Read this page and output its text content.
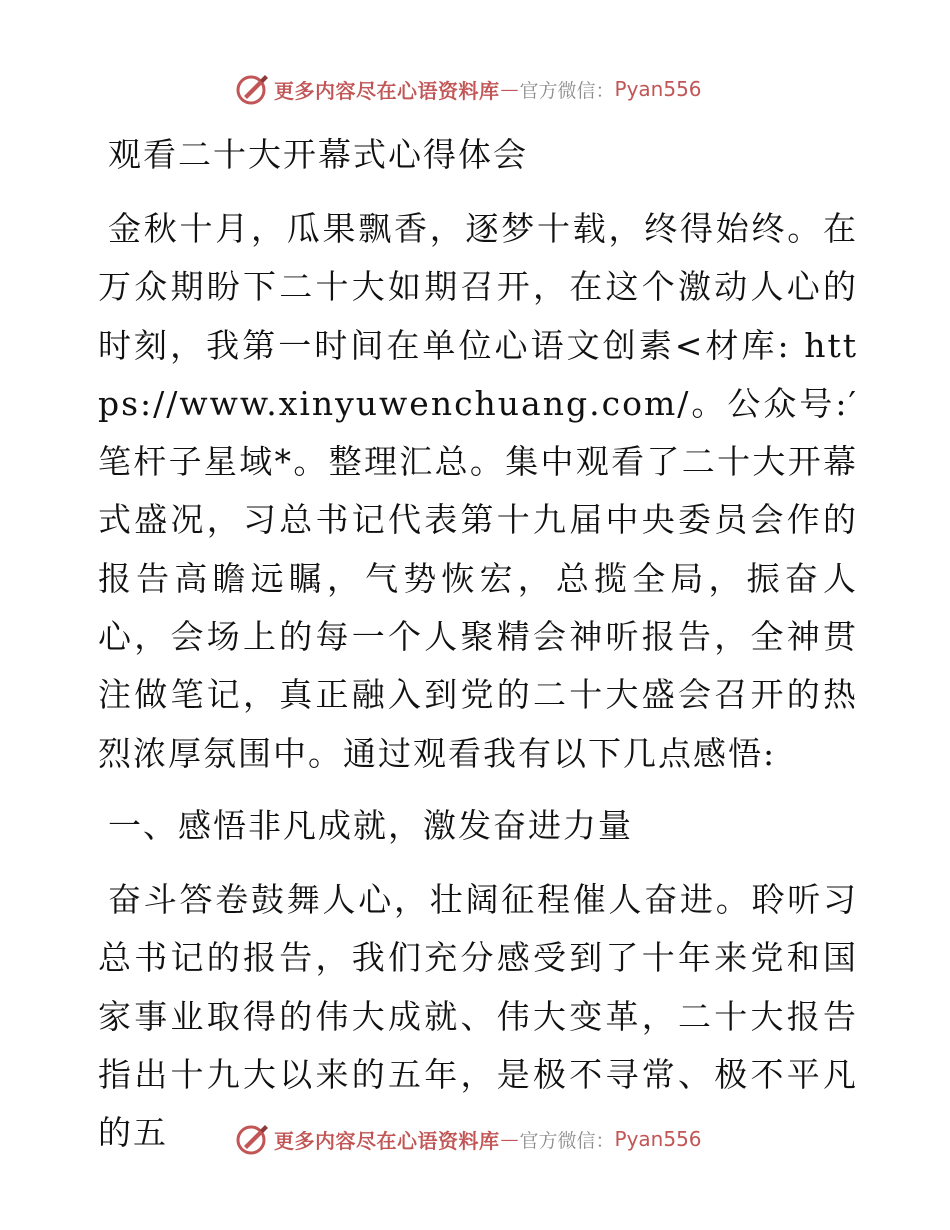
更多内容尽在心语资料库 — 官方微信： Pyan556
观看二十大开幕式心得体会

金秋十月，瓜果飘香，逐梦十载，终得始终。在万众期盼下二十大如期召开，在这个激动人心的时刻，我第一时间在单位心语文创素<材库: https://www.xinyuwenchuang.com/。公众号:′笔杆子星域*。整理汇总。集中观看了二十大开幕式盛况，习总书记代表第十九届中央委员会作的报告高瞻远瞩，气势恢宏，总揽全局，振奋人心，会场上的每一个人聚精会神听报告，全神贯注做笔记，真正融入到党的二十大盛会召开的热烈浓厚氛围中。通过观看我有以下几点感悟:

一、感悟非凡成就，激发奋进力量

奋斗答卷鼓舞人心，壮阔征程催人奋进。聆听习总书记的报告，我们充分感受到了十年来党和国家事业取得的伟大成就、伟大变革，二十大报告指出十九大以来的五年，是极不寻常、极不平凡的五	更多内容尽在心语资料库 — 官方微信： Pyan556
